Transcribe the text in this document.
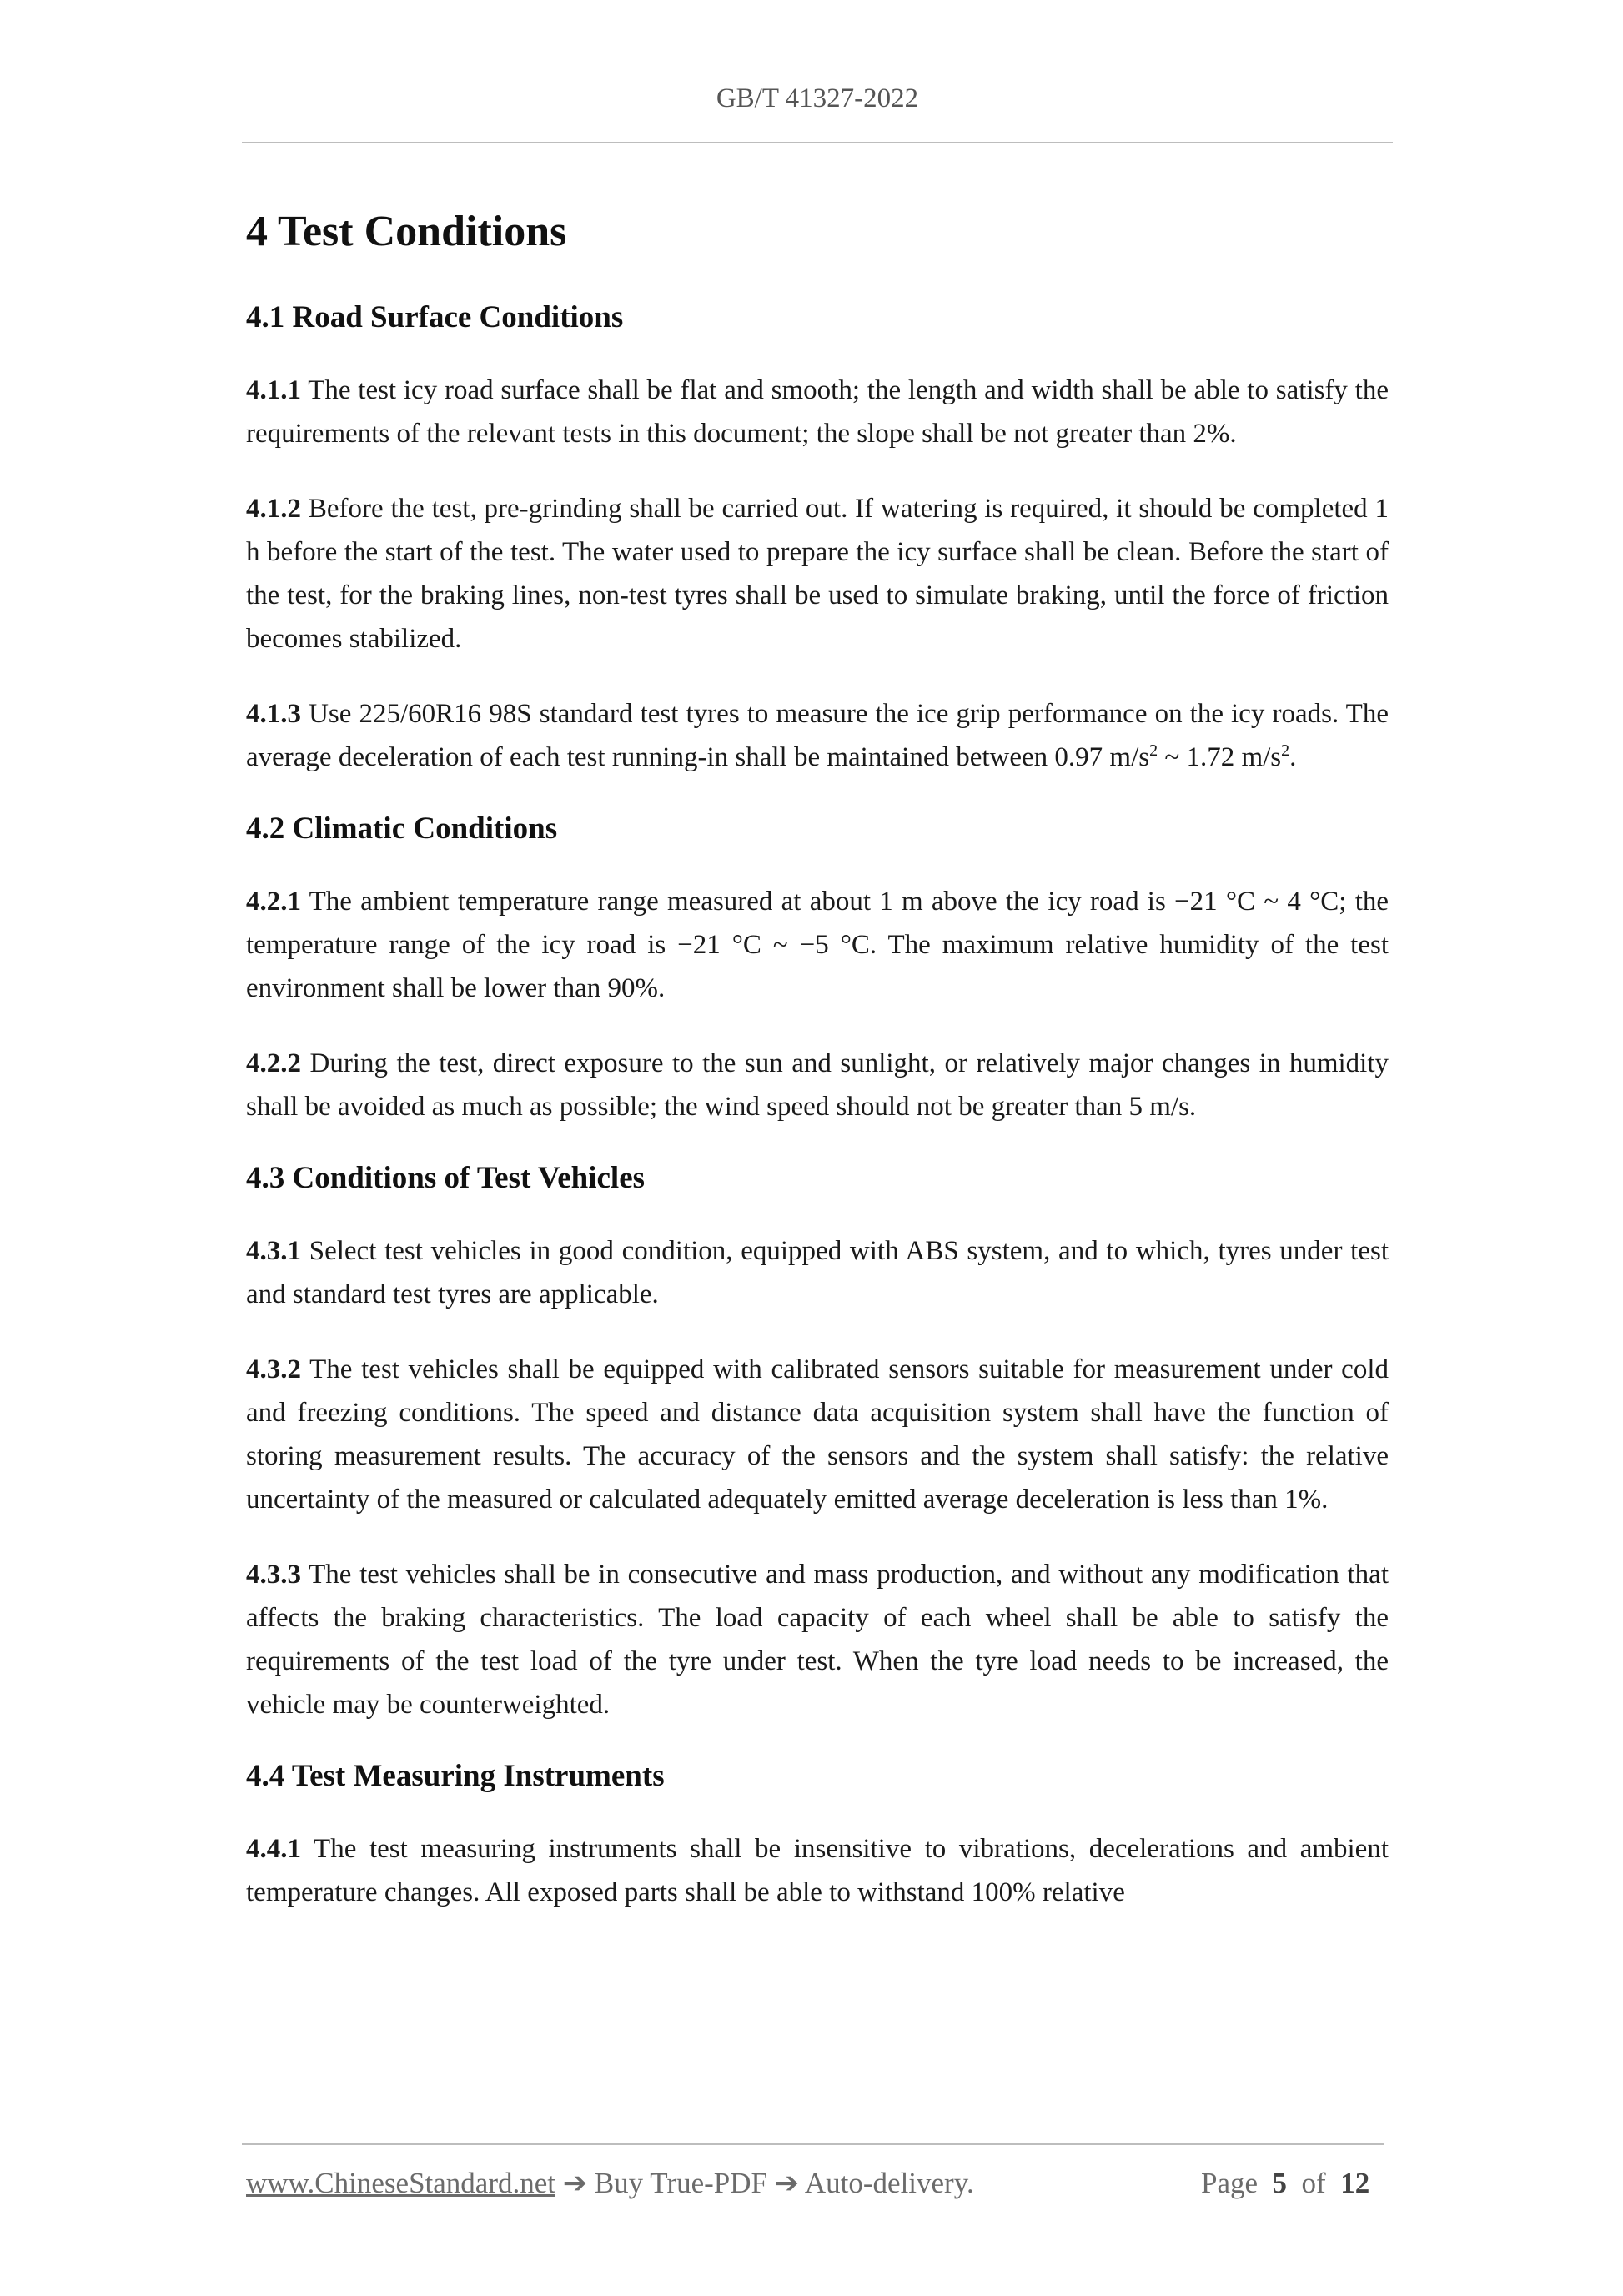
GB/T 41327-2022
4 Test Conditions
4.1 Road Surface Conditions

4.1.1 The test icy road surface shall be flat and smooth; the length and width shall be able to satisfy the requirements of the relevant tests in this document; the slope shall be not greater than 2%.

4.1.2 Before the test, pre-grinding shall be carried out. If watering is required, it should be completed 1 h before the start of the test. The water used to prepare the icy surface shall be clean. Before the start of the test, for the braking lines, non-test tyres shall be used to simulate braking, until the force of friction becomes stabilized.

4.1.3 Use 225/60R16 98S standard test tyres to measure the ice grip performance on the icy roads. The average deceleration of each test running-in shall be maintained between 0.97 $m/s^2$ ~ 1.72 $m/s^2$.

4.2 Climatic Conditions

4.2.1 The ambient temperature range measured at about 1 m above the icy road is −21 °C ~ 4 °C; the temperature range of the icy road is −21 °C ~ −5 °C. The maximum relative humidity of the test environment shall be lower than 90%.

4.2.2 During the test, direct exposure to the sun and sunlight, or relatively major changes in humidity shall be avoided as much as possible; the wind speed should not be greater than 5 m/s.

4.3 Conditions of Test Vehicles

4.3.1 Select test vehicles in good condition, equipped with ABS system, and to which, tyres under test and standard test tyres are applicable.

4.3.2 The test vehicles shall be equipped with calibrated sensors suitable for measurement under cold and freezing conditions. The speed and distance data acquisition system shall have the function of storing measurement results. The accuracy of the sensors and the system shall satisfy: the relative uncertainty of the measured or calculated adequately emitted average deceleration is less than 1%.

4.3.3 The test vehicles shall be in consecutive and mass production, and without any modification that affects the braking characteristics. The load capacity of each wheel shall be able to satisfy the requirements of the test load of the tyre under test. When the tyre load needs to be increased, the vehicle may be counterweighted.

4.4 Test Measuring Instruments

4.4.1 The test measuring instruments shall be insensitive to vibrations, decelerations and ambient temperature changes. All exposed parts shall be able to withstand 100% relative

www.ChineseStandard.net ➔ Buy True-PDF ➔ Auto-delivery.	Page 5 of 12
